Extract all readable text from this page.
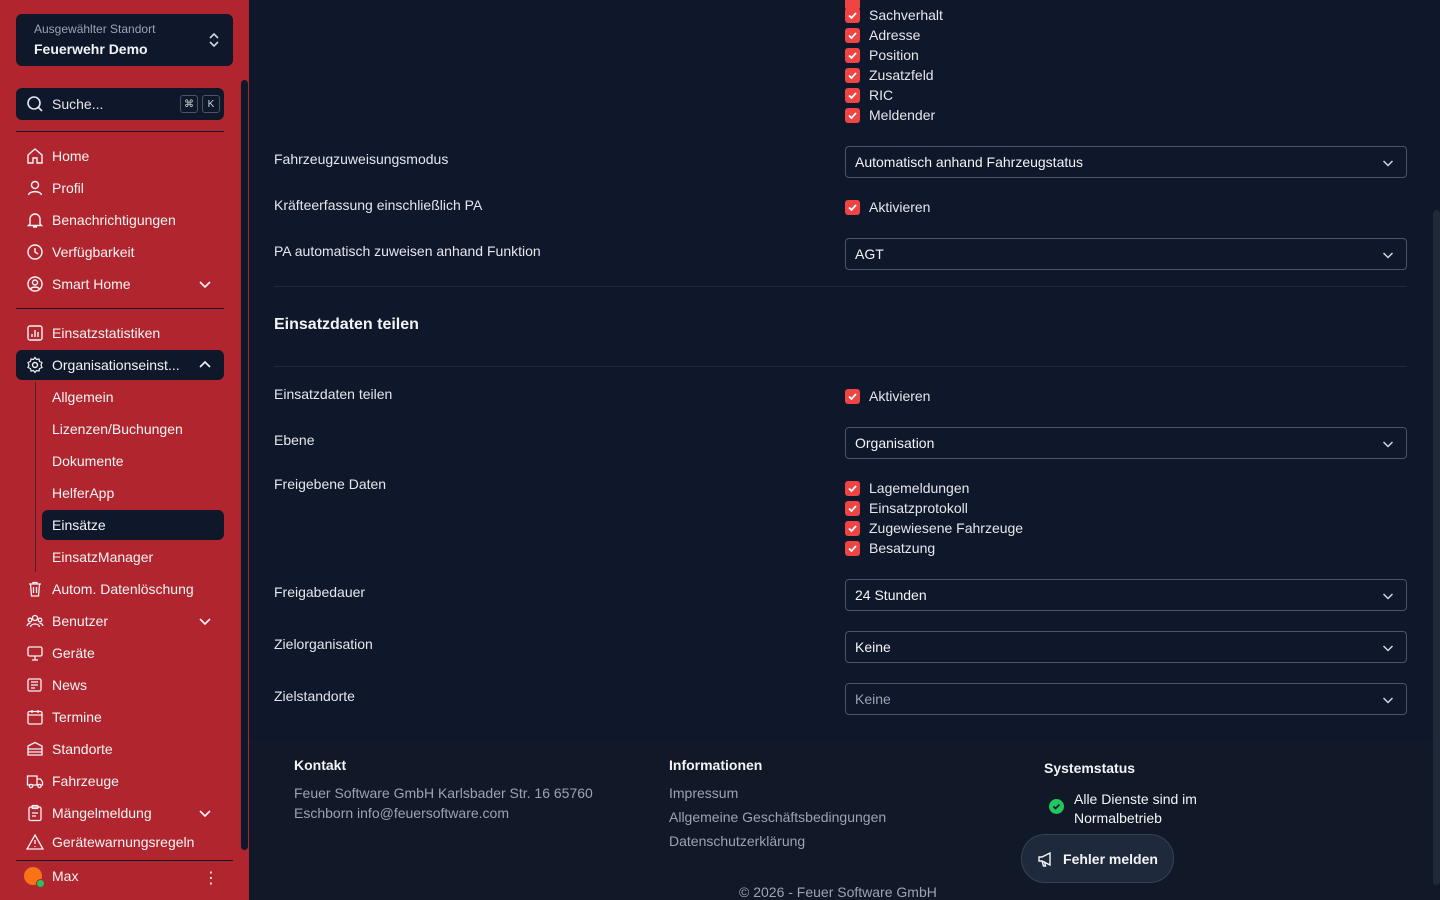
Ausgewählter Standort
Feuerwehr Demo
Suche...	⌘	K
Home
Profil
Benachrichtigungen
Verfügbarkeit
Smart Home
Einsatzstatistiken
Organisationseinst...
Allgemein
Lizenzen/Buchungen
Dokumente
HelferApp
Einsätze
EinsatzManager
Autom. Datenlöschung
Benutzer
Geräte
News
Termine
Standorte
Fahrzeuge
Mängelmeldung
Gerätewarnungsregeln
Max	⋮
Sachverhalt
Adresse
Position
Zusatzfeld
RIC
Meldender
Fahrzeugzuweisungsmodus	Automatisch anhand Fahrzeugstatus
Kräfteerfassung einschließlich PA	Aktivieren
PA automatisch zuweisen anhand Funktion	AGT
Einsatzdaten teilen
Einsatzdaten teilen	Aktivieren
Ebene	Organisation
Freigebene Daten	Lagemeldungen
Einsatzprotokoll
Zugewiesene Fahrzeuge
Besatzung
Freigabedauer	24 Stunden
Zielorganisation	Keine
Zielstandorte	Keine
Kontakt
Feuer Software GmbH Karlsbader Str. 16 65760
Eschborn info@feuersoftware.com
Informationen
Impressum
Allgemeine Geschäftsbedingungen
Datenschutzerklärung
Systemstatus
Alle Dienste sind im Normalbetrieb
© 2026 - Feuer Software GmbH
Fehler melden
